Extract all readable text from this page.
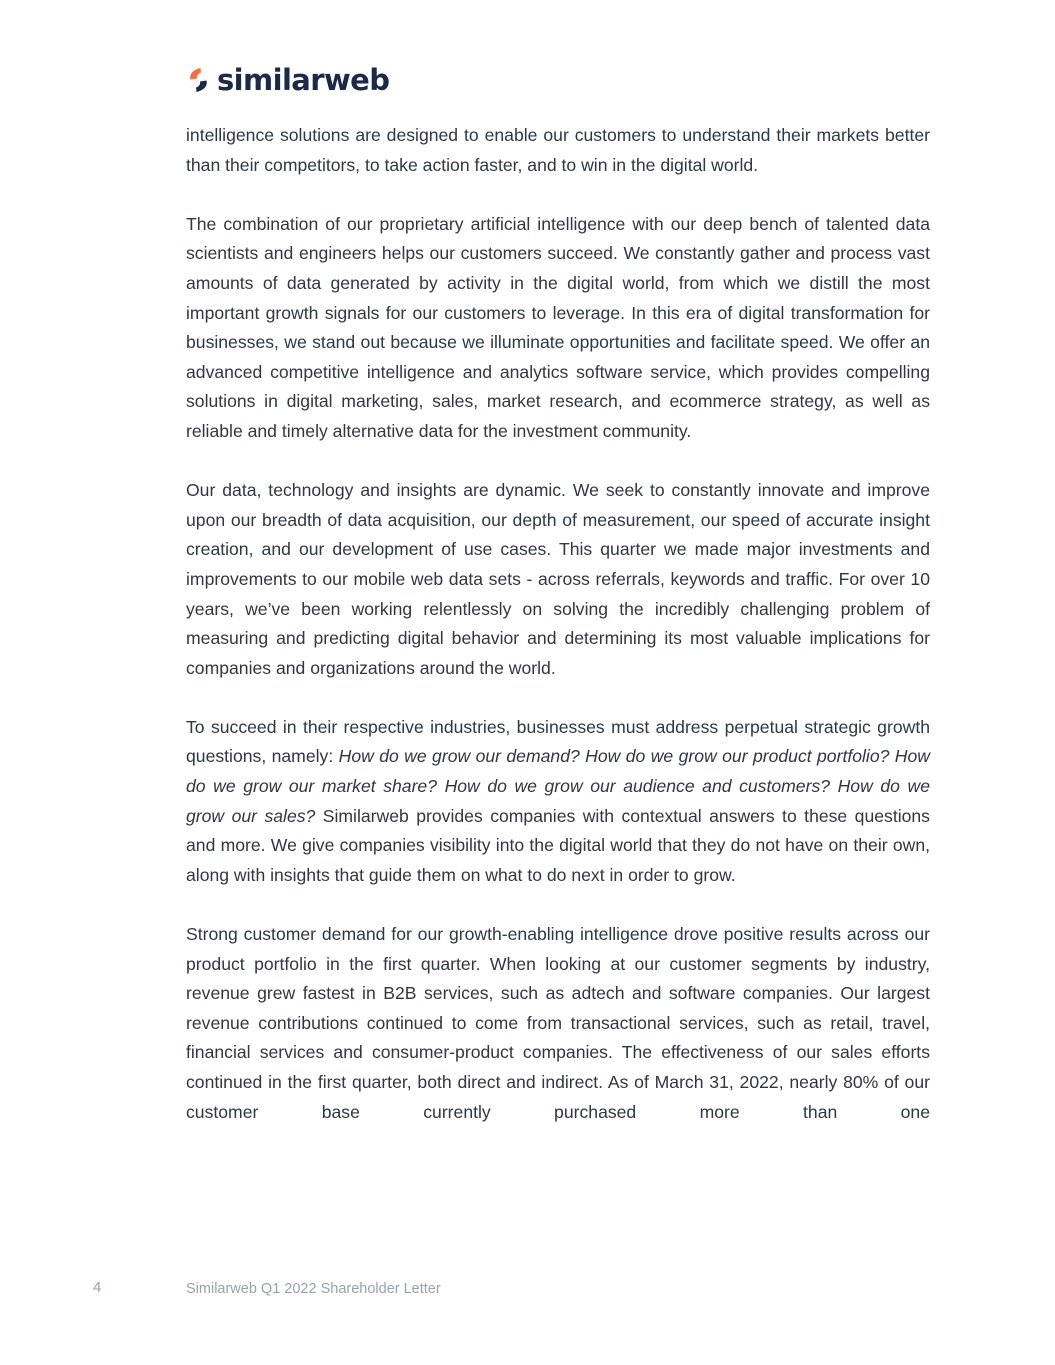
similarweb

intelligence solutions are designed to enable our customers to understand their markets better than their competitors, to take action faster, and to win in the digital world.

The combination of our proprietary artificial intelligence with our deep bench of talented data scientists and engineers helps our customers succeed. We constantly gather and process vast amounts of data generated by activity in the digital world, from which we distill the most important growth signals for our customers to leverage. In this era of digital transformation for businesses, we stand out because we illuminate opportunities and facilitate speed. We offer an advanced competitive intelligence and analytics software service, which provides compelling solutions in digital marketing, sales, market research, and ecommerce strategy, as well as reliable and timely alternative data for the investment community.

Our data, technology and insights are dynamic. We seek to constantly innovate and improve upon our breadth of data acquisition, our depth of measurement, our speed of accurate insight creation, and our development of use cases. This quarter we made major investments and improvements to our mobile web data sets - across referrals, keywords and traffic. For over 10 years, we’ve been working relentlessly on solving the incredibly challenging problem of measuring and predicting digital behavior and determining its most valuable implications for companies and organizations around the world.

To succeed in their respective industries, businesses must address perpetual strategic growth questions, namely: How do we grow our demand? How do we grow our product portfolio? How do we grow our market share? How do we grow our audience and customers? How do we grow our sales? Similarweb provides companies with contextual answers to these questions and more. We give companies visibility into the digital world that they do not have on their own, along with insights that guide them on what to do next in order to grow.

Strong customer demand for our growth-enabling intelligence drove positive results across our product portfolio in the first quarter. When looking at our customer segments by industry, revenue grew fastest in B2B services, such as adtech and software companies. Our largest revenue contributions continued to come from transactional services, such as retail, travel, financial services and consumer-product companies. The effectiveness of our sales efforts continued in the first quarter, both direct and indirect. As of March 31, 2022, nearly 80% of our customer base currently purchased more than one

4	Similarweb Q1 2022 Shareholder Letter
